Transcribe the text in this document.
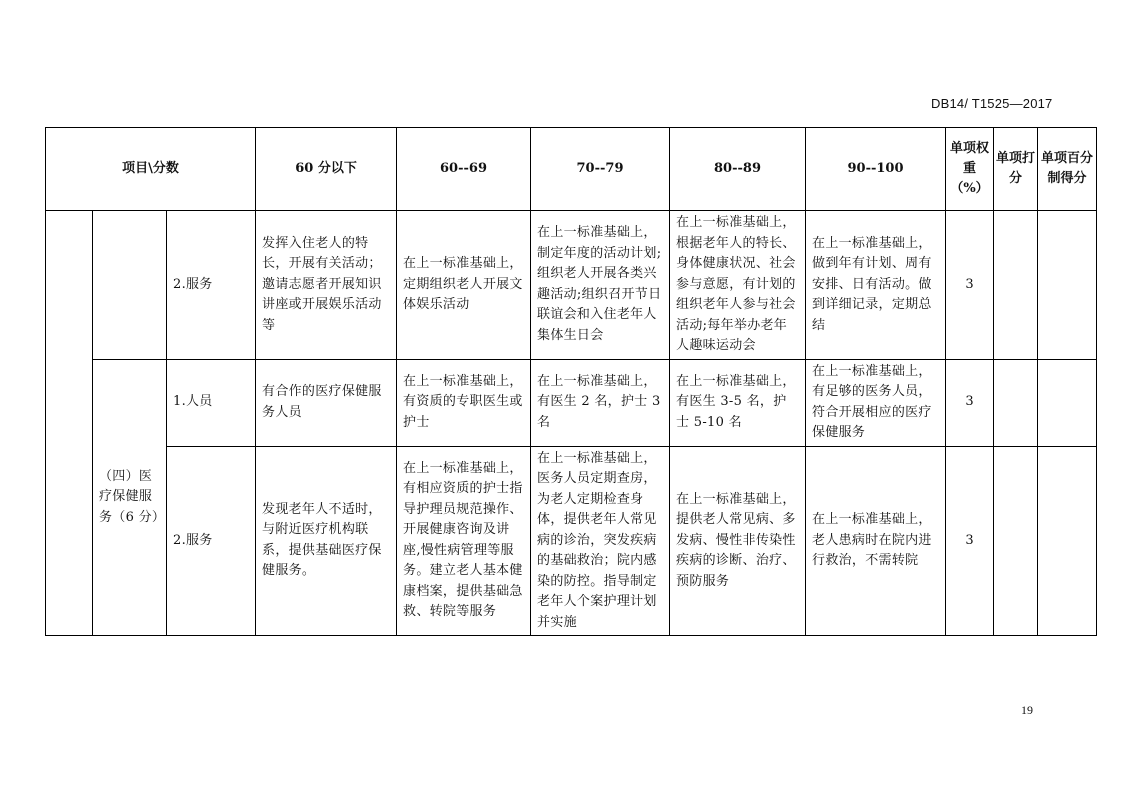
DB14/ T1525—2017
项目\分数			60 分以下	60--69	70--79	80--89	90--100	单项权重（%）	单项打分	单项百分制得分
		2.服务	发挥入住老人的特长，开展有关活动；邀请志愿者开展知识讲座或开展娱乐活动等	在上一标准基础上，定期组织老人开展文体娱乐活动	在上一标准基础上，制定年度的活动计划;组织老人开展各类兴趣活动;组织召开节日联谊会和入住老年人集体生日会	在上一标准基础上，根据老年人的特长、身体健康状况、社会参与意愿，有计划的组织老年人参与社会活动;每年举办老年人趣味运动会	在上一标准基础上，做到年有计划、周有安排、日有活动。做到详细记录，定期总结	3		
	（四）医疗保健服务（6 分）	1.人员	有合作的医疗保健服务人员	在上一标准基础上，有资质的专职医生或护士	在上一标准基础上，有医生 2 名，护士 3 名	在上一标准基础上，有医生 3-5 名，护士 5-10 名	在上一标准基础上，有足够的医务人员，符合开展相应的医疗保健服务	3		
		2.服务	发现老年人不适时，与附近医疗机构联系，提供基础医疗保健服务。	在上一标准基础上，有相应资质的护士指导护理员规范操作、开展健康咨询及讲座,慢性病管理等服务。建立老人基本健康档案，提供基础急救、转院等服务	在上一标准基础上，医务人员定期查房，为老人定期检查身体，提供老年人常见病的诊治，突发疾病的基础救治；院内感染的防控。指导制定老年人个案护理计划并实施	在上一标准基础上，提供老人常见病、多发病、慢性非传染性疾病的诊断、治疗、预防服务	在上一标准基础上，老人患病时在院内进行救治，不需转院	3		
19
